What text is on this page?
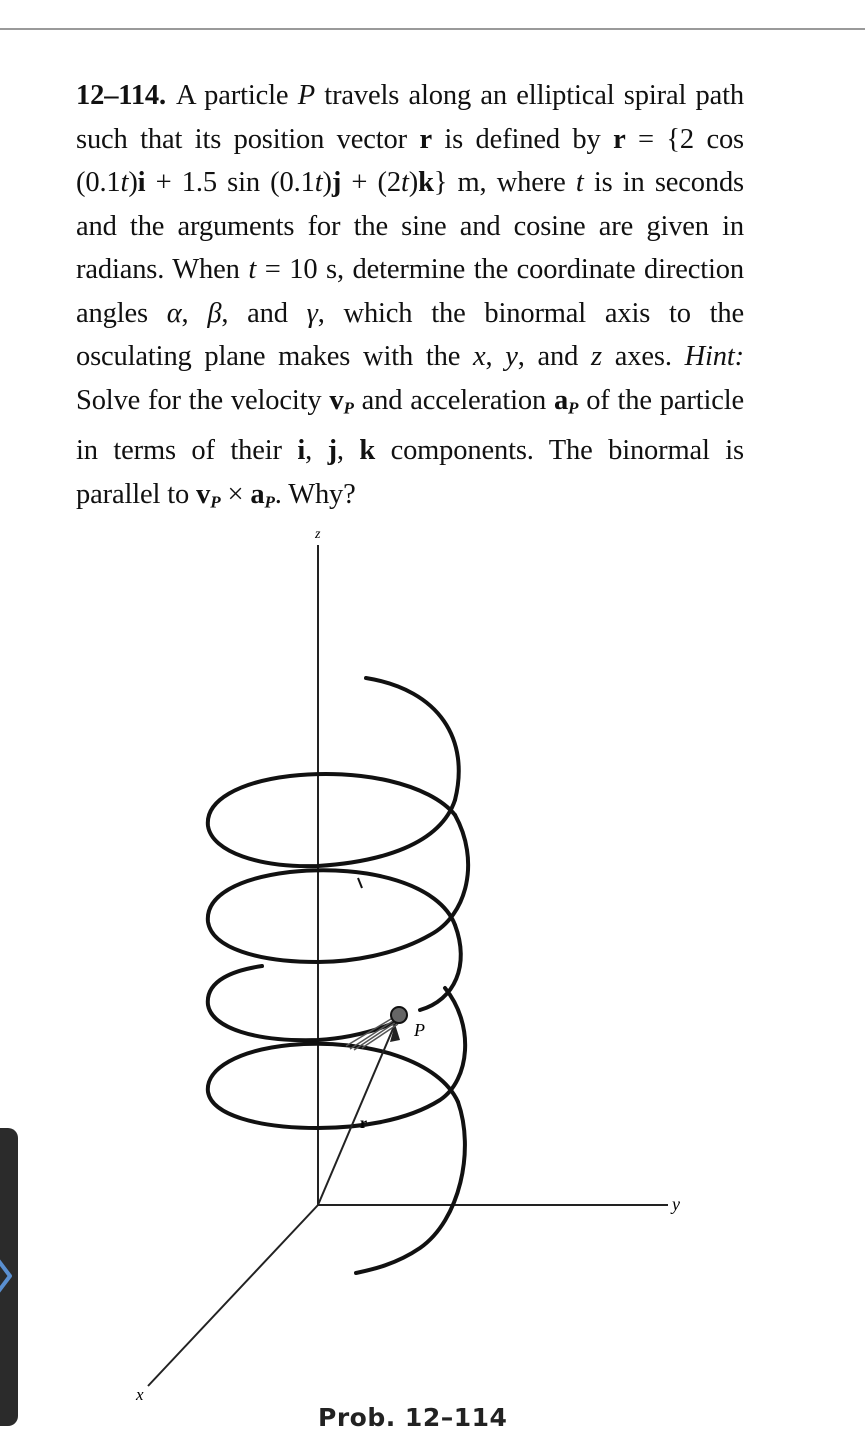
12–114. A particle P travels along an elliptical spiral path such that its position vector r is defined by r = {2 cos (0.1t)i + 1.5 sin (0.1t)j + (2t)k} m, where t is in seconds and the arguments for the sine and cosine are given in radians. When t = 10 s, determine the coordinate direction angles α, β, and γ, which the binormal axis to the osculating plane makes with the x, y, and z axes. Hint: Solve for the velocity $v_P$ and acceleration $a_P$ of the particle in terms of their i, j, k components. The binormal is parallel to $v_P \times a_P$. Why?
z
y
x
r
P
Prob. 12–114
